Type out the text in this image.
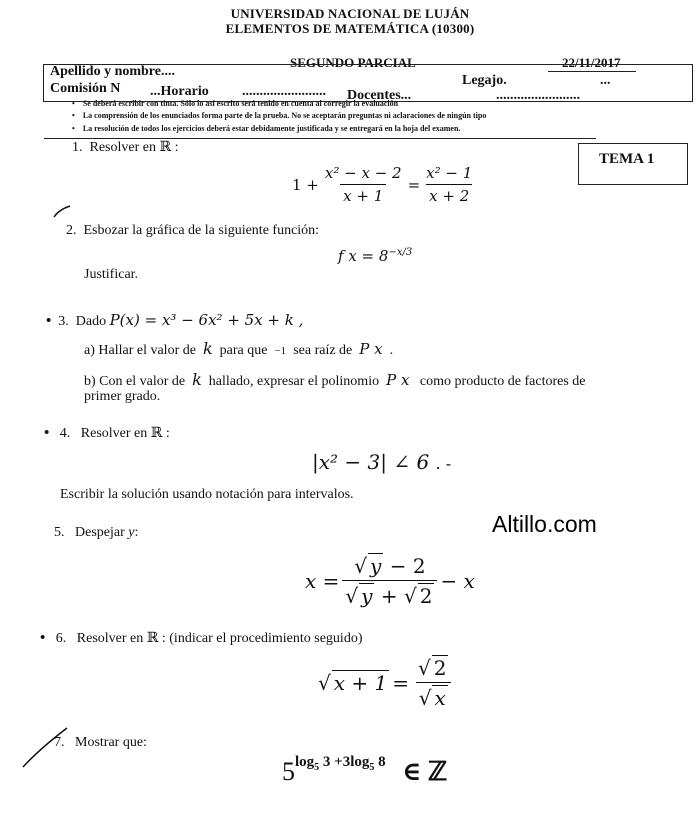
UNIVERSIDAD NACIONAL DE LUJÁN
ELEMENTOS DE MATEMÁTICA (10300)
SEGUNDO PARCIAL	22/11/2017
Apellido y nombre....
Legajo.	...
Comisión N ...Horario ........................ Docentes...	........................
• Se deberá escribir con tinta. Sólo lo así escrito será tenido en cuenta al corregir la evaluación
• La comprensión de los enunciados forma parte de la prueba. No se aceptarán preguntas ni aclaraciones de ningún tipo
• La resolución de todos los ejercicios deberá estar debidamente justificada y se entregará en la hoja del examen.
TEMA 1
1. Resolver en ℝ :
$1 + \frac{\text{x² − x − 2}}{x + 1} = \frac{\text{x² − 1}}{x + 2}$
2. Esbozar la gráfica de la siguiente función:
f $x = 8^{-x/3}$
Justificar.
•
3.
Dado
P(x) = x³ − 6x² + 5x + k ,
a) Hallar el valor de k para que −1 sea raíz de P x .
b) Con el valor de k hallado, expresar el polinomio P x como producto de factores de
primer grado.
• 4. Resolver en ℝ :
|x² − 3| ∠ 6 . -
Escribir la solución usando notación para intervalos.
Altillo.com
5. Despejar y:
$x = \frac{√ y - 2}{√ y + √ 2} - x$
• 6. Resolver en ℝ : (indicar el procedimiento seguido)
√ $x + 1 = \frac{√ 2}{√ x}$
7. Mostrar que:
$5^{log_5 3 +3log_5 8}$ ∈ ℤ
